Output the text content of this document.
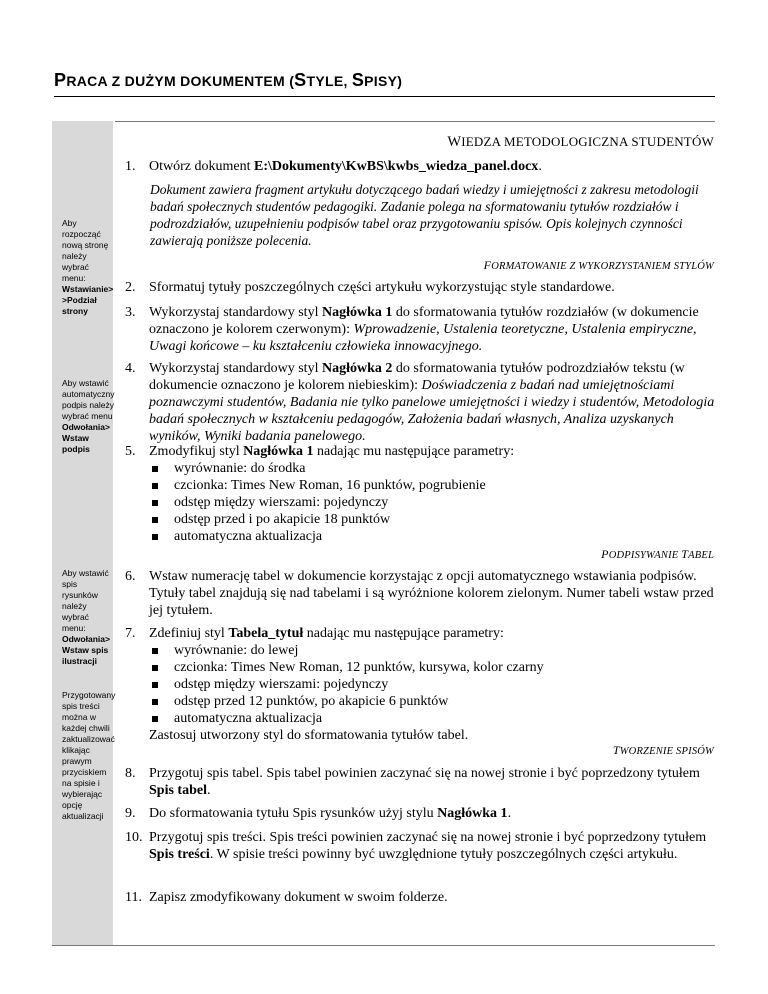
PRACA Z DUŻYM DOKUMENTEM (STYLE, SPISY)
Aby rozpocząć nową stronę należy wybrać menu:
Wstawianie> >Podział strony
Aby wstawić automatyczny podpis należy wybrać menu
Odwołania> Wstaw podpis
Aby wstawić spis rysunków należy wybrać menu:
Odwołania> Wstaw spis ilustracji
Przygotowany spis treści można w każdej chwili zaktualizować klikając prawym przyciskiem na spisie i wybierając opcję aktualizacji
WIEDZA METODOLOGICZNA STUDENTÓW
FORMATOWANIE Z WYKORZYSTANIEM STYLÓW
PODPISYWANIE TABEL
TWORZENIE SPISÓW
1. Otwórz dokument E:\Dokumenty\KwBS\kwbs_wiedza_panel.docx.
Dokument zawiera fragment artykułu dotyczącego badań wiedzy i umiejętności z zakresu metodologii badań społecznych studentów pedagogiki. Zadanie polega na sformatowaniu tytułów rozdziałów i podrozdziałów, uzupełnieniu podpisów tabel oraz przygotowaniu spisów. Opis kolejnych czynności zawierają poniższe polecenia.
2. Sformatuj tytuły poszczególnych części artykułu wykorzystując style standardowe.
3. Wykorzystaj standardowy styl Nagłówka 1 do sformatowania tytułów rozdziałów (w dokumencie oznaczono je kolorem czerwonym): Wprowadzenie, Ustalenia teoretyczne, Ustalenia empiryczne, Uwagi końcowe – ku kształceniu człowieka innowacyjnego.
4. Wykorzystaj standardowy styl Nagłówka 2 do sformatowania tytułów podrozdziałów tekstu (w dokumencie oznaczono je kolorem niebieskim): Doświadczenia z badań nad umiejętnościami poznawczymi studentów, Badania nie tylko panelowe umiejętności i wiedzy i studentów, Metodologia badań społecznych w kształceniu pedagogów, Założenia badań własnych, Analiza uzyskanych wyników, Wyniki badania panelowego.
5. Zmodyfikuj styl Nagłówka 1 nadając mu następujące parametry:
wyrównanie: do środka
czcionka: Times New Roman, 16 punktów, pogrubienie
odstęp między wierszami: pojedynczy
odstęp przed i po akapicie 18 punktów
automatyczna aktualizacja
6. Wstaw numerację tabel w dokumencie korzystając z opcji automatycznego wstawiania podpisów. Tytuły tabel znajdują się nad tabelami i są wyróżnione kolorem zielonym. Numer tabeli wstaw przed jej tytułem.
7. Zdefiniuj styl Tabela_tytuł nadając mu następujące parametry:
wyrównanie: do lewej
czcionka: Times New Roman, 12 punktów, kursywa, kolor czarny
odstęp między wierszami: pojedynczy
odstęp przed 12 punktów, po akapicie 6 punktów
automatyczna aktualizacja
Zastosuj utworzony styl do sformatowania tytułów tabel.
8. Przygotuj spis tabel. Spis tabel powinien zaczynać się na nowej stronie i być poprzedzony tytułem Spis tabel.
9. Do sformatowania tytułu Spis rysunków użyj stylu Nagłówka 1.
10. Przygotuj spis treści. Spis treści powinien zaczynać się na nowej stronie i być poprzedzony tytułem Spis treści. W spisie treści powinny być uwzględnione tytuły poszczególnych części artykułu.
11. Zapisz zmodyfikowany dokument w swoim folderze.
